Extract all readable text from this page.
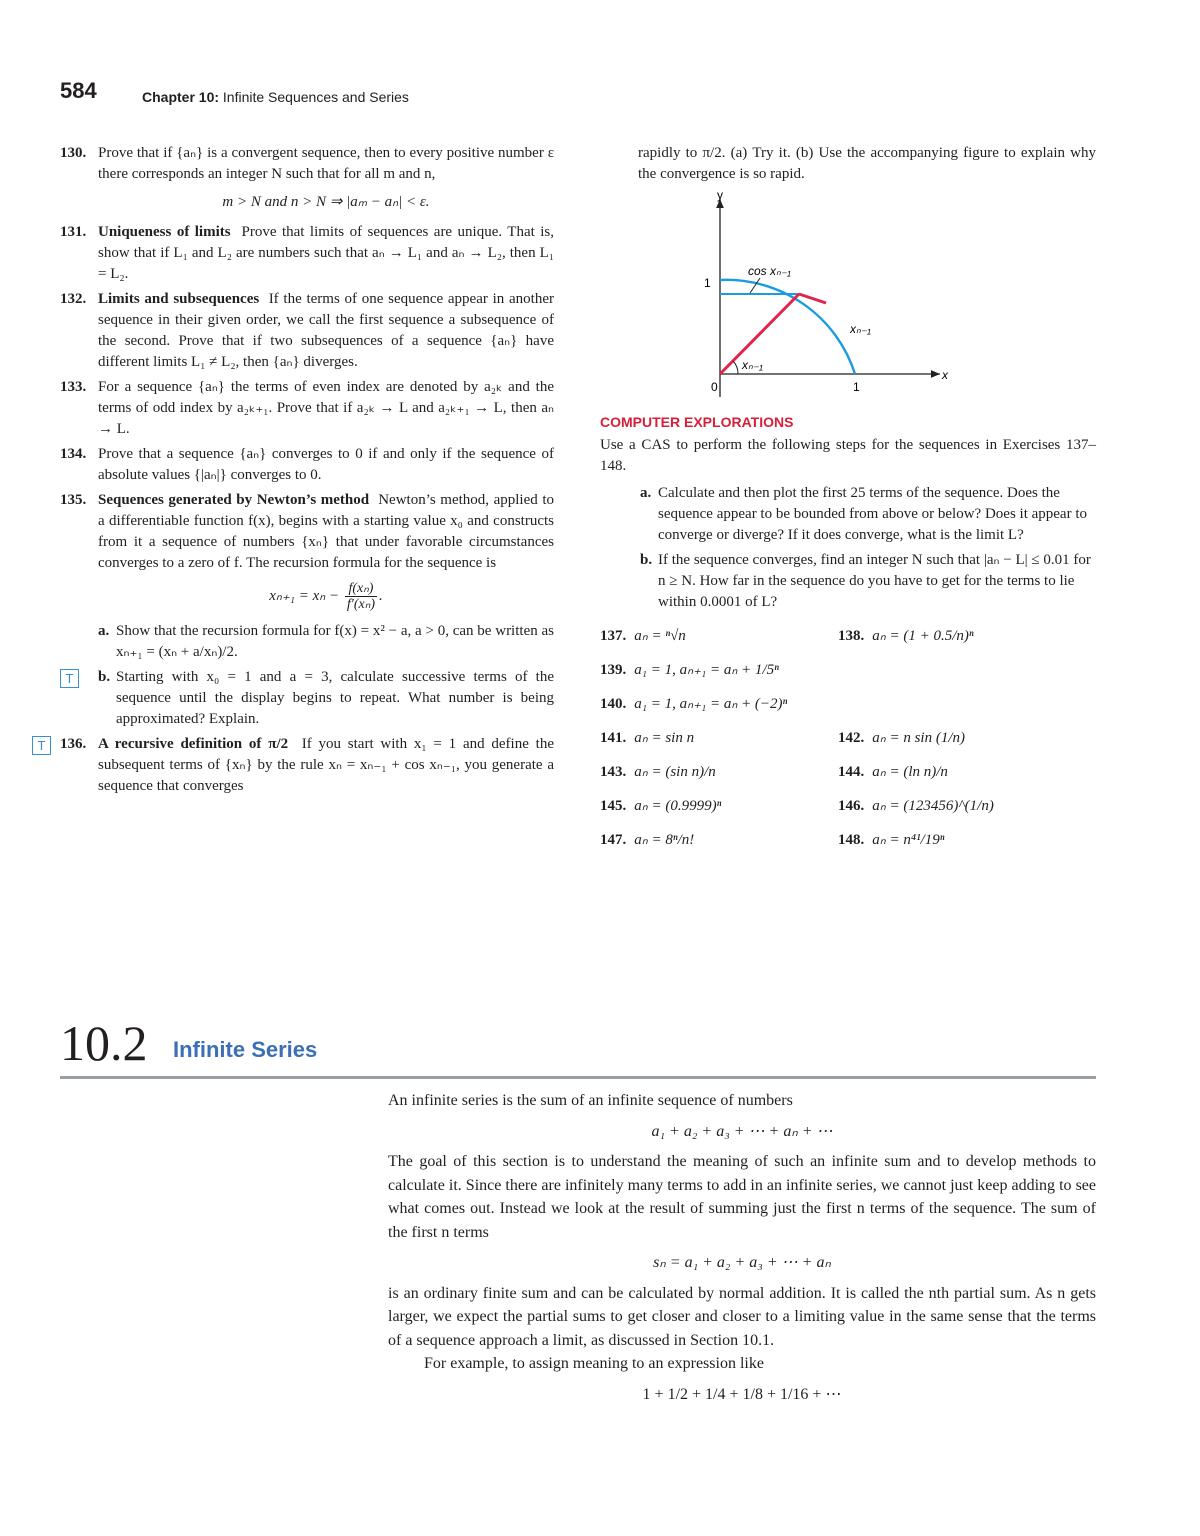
584	Chapter 10: Infinite Sequences and Series
130. Prove that if {aₙ} is a convergent sequence, then to every positive number ε there corresponds an integer N such that for all m and n,

m > N and n > N ⇒ |aₘ − aₙ| < ε.
131. Uniqueness of limits Prove that limits of sequences are unique. That is, show that if L₁ and L₂ are numbers such that aₙ → L₁ and aₙ → L₂, then L₁ = L₂.

132. Limits and subsequences If the terms of one sequence appear in another sequence in their given order, we call the first sequence a subsequence of the second. Prove that if two subsequences of a sequence {aₙ} have different limits L₁ ≠ L₂, then {aₙ} diverges.

133. For a sequence {aₙ} the terms of even index are denoted by a₂ₖ and the terms of odd index by a₂ₖ₊₁. Prove that if a₂ₖ → L and a₂ₖ₊₁ → L, then aₙ → L.

134. Prove that a sequence {aₙ} converges to 0 if and only if the sequence of absolute values {|aₙ|} converges to 0.

135. Sequences generated by Newton’s method Newton’s method, applied to a differentiable function f(x), begins with a starting value x₀ and constructs from it a sequence of numbers {xₙ} that under favorable circumstances converges to a zero of f. The recursion formula for the sequence is

$x_{n+1} = x_n - \frac{\text{f(xₙ)}}{\text{f′(xₙ)}}$ .
a. Show that the recursion formula for f(x) = x² − a, a > 0, can be written as xₙ₊₁ = (xₙ + a/xₙ)/2.
T	b. Starting with x₀ = 1 and a = 3, calculate successive terms of the sequence until the display begins to repeat. What number is being approximated? Explain.
T 136. A recursive definition of π/2 If you start with x₁ = 1 and define the subsequent terms of {xₙ} by the rule xₙ = xₙ₋₁ + cos xₙ₋₁, you generate a sequence that converges

rapidly to π/2. (a) Try it. (b) Use the accompanying figure to explain why the convergence is so rapid.

y
x
1
1
0
cos xₙ₋₁
xₙ₋₁
xₙ₋₁
COMPUTER EXPLORATIONS

Use a CAS to perform the following steps for the sequences in Exercises 137–148.

a. Calculate and then plot the first 25 terms of the sequence. Does the sequence appear to be bounded from above or below? Does it appear to converge or diverge? If it does converge, what is the limit L?
b. If the sequence converges, find an integer N such that |aₙ − L| ≤ 0.01 for n ≥ N. How far in the sequence do you have to get for the terms to lie within 0.0001 of L?
137. aₙ = ⁿ√n	138. aₙ = (1 + 0.5/n)ⁿ
139. a₁ = 1, aₙ₊₁ = aₙ + 1/5ⁿ
140. a₁ = 1, aₙ₊₁ = aₙ + (−2)ⁿ
141. aₙ = sin n	142. aₙ = n sin (1/n)
143. aₙ = (sin n)/n	144. aₙ = (ln n)/n
145. aₙ = (0.9999)ⁿ	146. aₙ = (123456)^(1/n)
147. aₙ = 8ⁿ/n!	148. aₙ = n⁴¹/19ⁿ
10.2 Infinite Series

An infinite series is the sum of an infinite sequence of numbers

a₁ + a₂ + a₃ + ⋯ + aₙ + ⋯

The goal of this section is to understand the meaning of such an infinite sum and to develop methods to calculate it. Since there are infinitely many terms to add in an infinite series, we cannot just keep adding to see what comes out. Instead we look at the result of summing just the first n terms of the sequence. The sum of the first n terms

sₙ = a₁ + a₂ + a₃ + ⋯ + aₙ

is an ordinary finite sum and can be calculated by normal addition. It is called the nth partial sum. As n gets larger, we expect the partial sums to get closer and closer to a limiting value in the same sense that the terms of a sequence approach a limit, as discussed in Section 10.1.

For example, to assign meaning to an expression like

1 + 1/2 + 1/4 + 1/8 + 1/16 + ⋯
